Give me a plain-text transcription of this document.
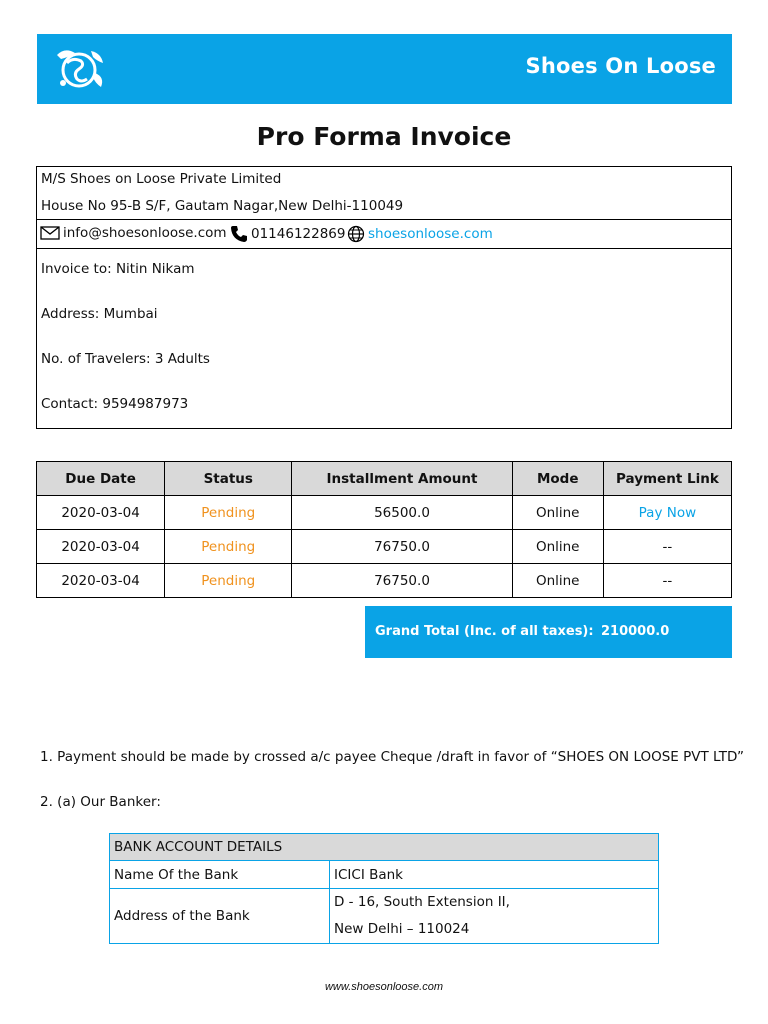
Shoes On Loose
Pro Forma Invoice
M/S Shoes on Loose Private Limited
House No 95-B S/F, Gautam Nagar,New Delhi-110049
info@shoesonloose.com 01146122869 shoesonloose.com
Invoice to: Nitin Nikam
Address: Mumbai
No. of Travelers: 3 Adults
Contact: 9594987973
Due Date	Status	Installment Amount	Mode	Payment Link
2020-03-04	Pending	56500.0	Online	Pay Now
2020-03-04	Pending	76750.0	Online	--
2020-03-04	Pending	76750.0	Online	--
Grand Total (Inc. of all taxes): 210000.0
1. Payment should be made by crossed a/c payee Cheque /draft in favor of “SHOES ON LOOSE PVT LTD”
2. (a) Our Banker:
BANK ACCOUNT DETAILS	
Name Of the Bank	ICICI Bank
Address of the Bank	D - 16, South Extension II,
New Delhi – 110024
www.shoesonloose.com
